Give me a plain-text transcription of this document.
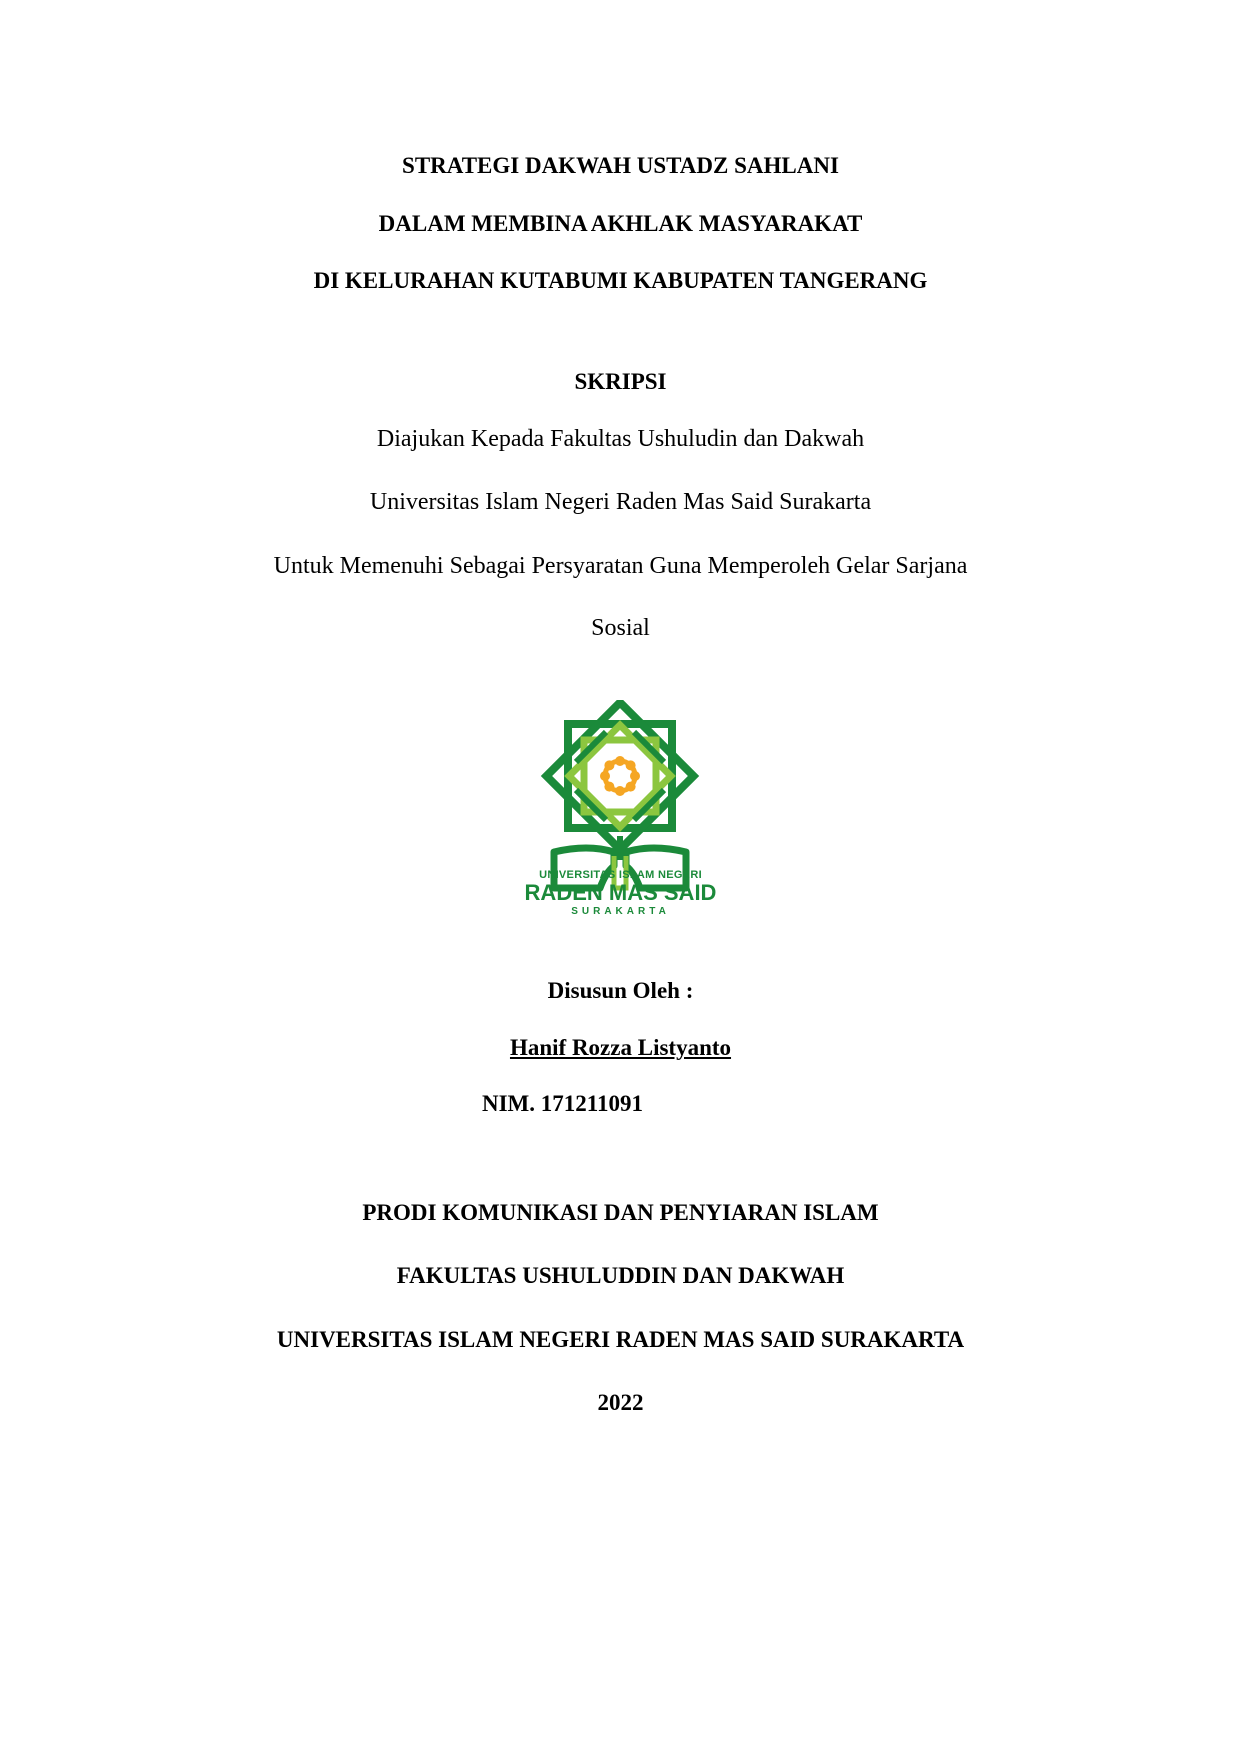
STRATEGI DAKWAH USTADZ SAHLANI
DALAM MEMBINA AKHLAK MASYARAKAT
DI KELURAHAN KUTABUMI KABUPATEN TANGERANG
SKRIPSI
Diajukan Kepada Fakultas Ushuludin dan Dakwah
Universitas Islam Negeri Raden Mas Said Surakarta
Untuk Memenuhi Sebagai Persyaratan Guna Memperoleh Gelar Sarjana
Sosial
UNIVERSITAS ISLAM NEGERI
RADEN MAS SAID
SURAKARTA
Disusun Oleh :
Hanif Rozza Listyanto
NIM. 171211091
PRODI KOMUNIKASI DAN PENYIARAN ISLAM
FAKULTAS USHULUDDIN DAN DAKWAH
UNIVERSITAS ISLAM NEGERI RADEN MAS SAID SURAKARTA
2022
